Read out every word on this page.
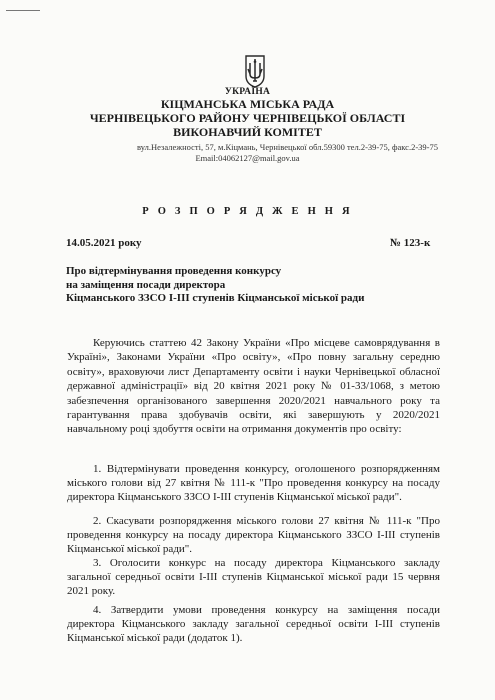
УКРАЇНА
КІЦМАНСЬКА МІСЬКА РАДА
ЧЕРНІВЕЦЬКОГО РАЙОНУ ЧЕРНІВЕЦЬКОЇ ОБЛАСТІ
ВИКОНАВЧИЙ КОМІТЕТ
вул.Незалежності, 57, м.Кіцмань, Чернівецької обл.59300 тел.2-39-75, факс.2-39-75
Email:04062127@mail.gov.ua
Р О З П О Р Я Д Ж Е Н Н Я
14.05.2021 року	№ 123-к
Про відтермінування проведення конкурсу
на заміщення посади директора
Кіцманського ЗЗСО І-ІІІ ступенів Кіцманської міської ради

Керуючись статтею 42 Закону України «Про місцеве самоврядування в Україні», Законами України «Про освіту», «Про повну загальну середню освіту», враховуючи лист Департаменту освіти і науки Чернівецької обласної державної адміністрації» від 20 квітня 2021 року № 01-33/1068, з метою забезпечення організованого завершення 2020/2021 навчального року та гарантування права здобувачів освіти, які завершують у 2020/2021 навчальному році здобуття освіти на отримання документів про освіту:

1. Відтермінувати проведення конкурсу, оголошеного розпорядженням міського голови від 27 квітня № 111-к "Про проведення конкурсу на посаду директора Кіцманського ЗЗСО І-ІІІ ступенів Кіцманської міської ради".

2. Скасувати розпорядження міського голови 27 квітня № 111-к "Про проведення конкурсу на посаду директора Кіцманського ЗЗСО І-ІІІ ступенів Кіцманської міської ради".

3. Оголосити конкурс на посаду директора Кіцманського закладу загальної середньої освіти І-ІІІ ступенів Кіцманської міської ради 15 червня 2021 року.

4. Затвердити умови проведення конкурсу на заміщення посади директора Кіцманського закладу загальної середньої освіти І-ІІІ ступенів Кіцманської міської ради (додаток 1).
